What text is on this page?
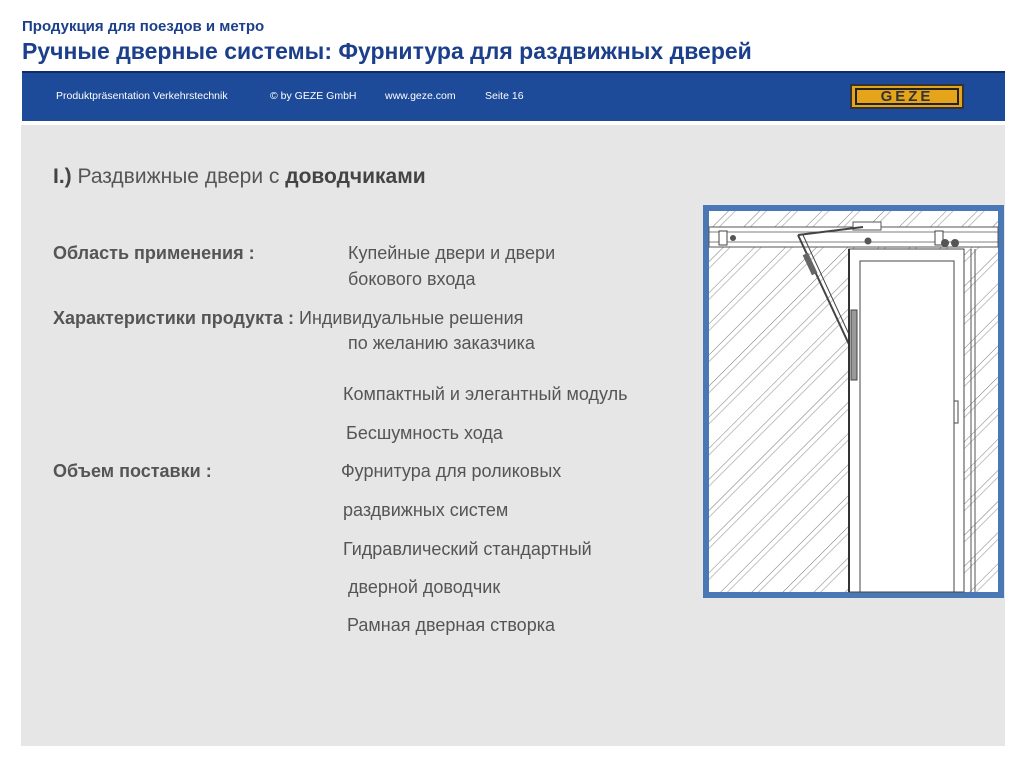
Продукция для поездов и метро
Ручные дверные системы: Фурнитура для раздвижных дверей
Produktpräsentation Verkehrstechnik	© by GEZE GmbH	www.geze.com	Seite 16	GEZE
I.) Раздвижные двери с доводчиками
Область применения :	Купейные двери и двери
бокового входа
Характеристики продукта : Индивидуальные решения
по желанию заказчика
Компактный и элегантный модуль
Бесшумность хода
Объем поставки :	Фурнитура для роликовых
раздвижных систем
Гидравлический стандартный
дверной доводчик
Рамная дверная створка
